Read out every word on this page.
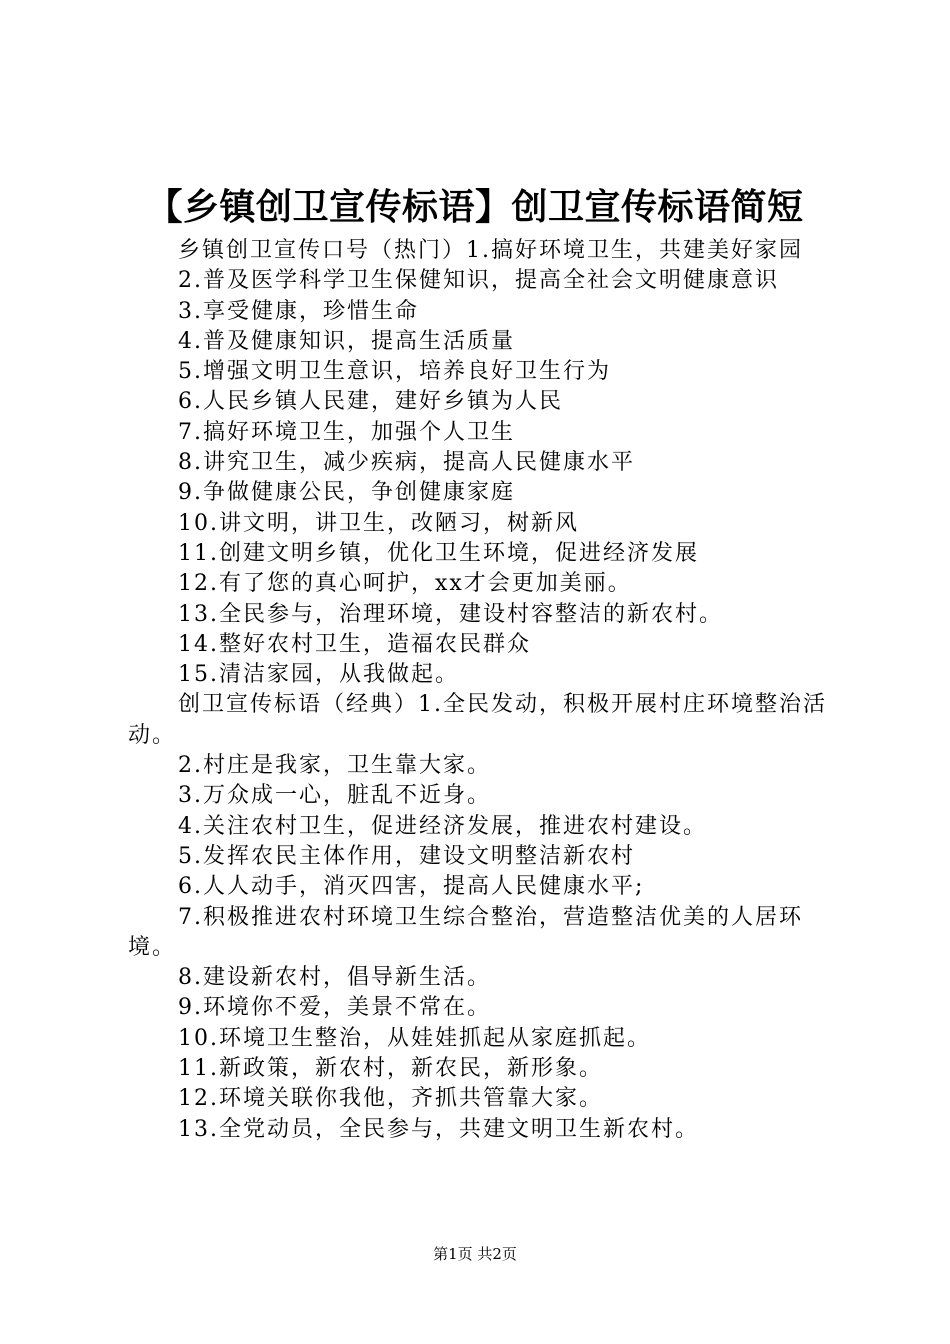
【乡镇创卫宣传标语】创卫宣传标语简短

乡镇创卫宣传口号（热门）1.搞好环境卫生，共建美好家园

2.普及医学科学卫生保健知识，提高全社会文明健康意识

3.享受健康，珍惜生命

4.普及健康知识，提高生活质量

5.增强文明卫生意识，培养良好卫生行为

6.人民乡镇人民建，建好乡镇为人民

7.搞好环境卫生，加强个人卫生

8.讲究卫生，减少疾病，提高人民健康水平

9.争做健康公民，争创健康家庭

10.讲文明，讲卫生，改陋习，树新风

11.创建文明乡镇，优化卫生环境，促进经济发展

12.有了您的真心呵护，xx才会更加美丽。

13.全民参与，治理环境，建设村容整洁的新农村。

14.整好农村卫生，造福农民群众

15.清洁家园，从我做起。

创卫宣传标语（经典）1.全民发动，积极开展村庄环境整治活动。

2.村庄是我家，卫生靠大家。

3.万众成一心，脏乱不近身。

4.关注农村卫生，促进经济发展，推进农村建设。

5.发挥农民主体作用，建设文明整洁新农村

6.人人动手，消灭四害，提高人民健康水平;

7.积极推进农村环境卫生综合整治，营造整洁优美的人居环境。

8.建设新农村，倡导新生活。

9.环境你不爱，美景不常在。

10.环境卫生整治，从娃娃抓起从家庭抓起。

11.新政策，新农村，新农民，新形象。

12.环境关联你我他，齐抓共管靠大家。

13.全党动员，全民参与，共建文明卫生新农村。

第1页 共2页
